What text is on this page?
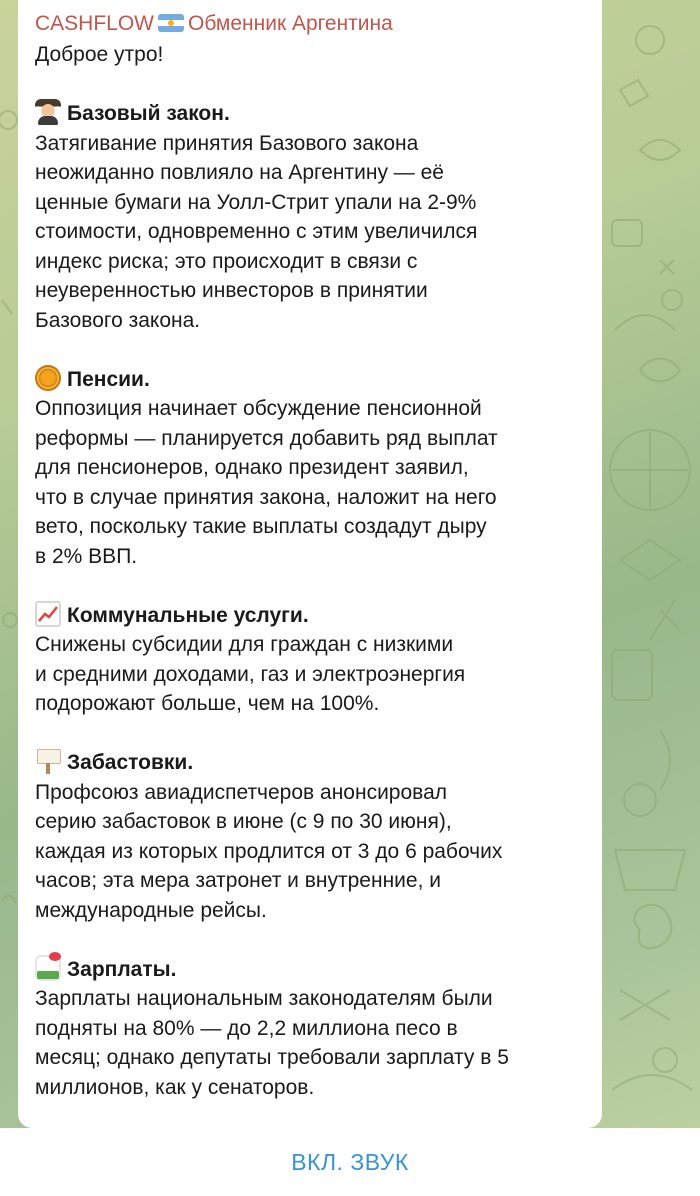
CASHFLOW Обменник Аргентина

Доброе утро!

Базовый закон.

Затягивание принятия Базового закона

неожиданно повлияло на Аргентину — её

ценные бумаги на Уолл-Стрит упали на 2-9%

стоимости, одновременно с этим увеличился

индекс риска; это происходит в связи с

неуверенностью инвесторов в принятии

Базового закона.

Пенсии.

Оппозиция начинает обсуждение пенсионной

реформы — планируется добавить ряд выплат

для пенсионеров, однако президент заявил,

что в случае принятия закона, наложит на него

вето, поскольку такие выплаты создадут дыру

в 2% ВВП.

Коммунальные услуги.

Снижены субсидии для граждан с низкими

и средними доходами, газ и электроэнергия

подорожают больше, чем на 100%.

Забастовки.

Профсоюз авиадиспетчеров анонсировал

серию забастовок в июне (с 9 по 30 июня),

каждая из которых продлится от 3 до 6 рабочих

часов; эта мера затронет и внутренние, и

международные рейсы.

Зарплаты.

Зарплаты национальным законодателям были

подняты на 80% — до 2,2 миллиона песо в

месяц; однако депутаты требовали зарплату в 5

миллионов, как у сенаторов.

$

ВКЛ. ЗВУК
